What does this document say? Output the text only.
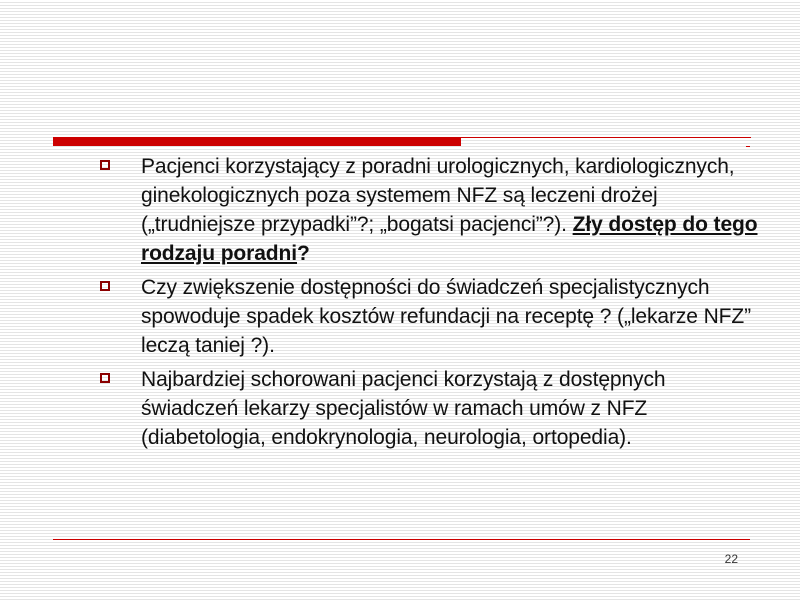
Pacjenci korzystający z poradni urologicznych, kardiologicznych, ginekologicznych poza systemem NFZ są leczeni drożej („trudniejsze przypadki”?; „bogatsi pacjenci”?). Zły dostęp do tego rodzaju poradni?
Czy zwiększenie dostępności do świadczeń specjalistycznych spowoduje spadek kosztów refundacji na receptę ? („lekarze NFZ” leczą taniej ?).
Najbardziej schorowani pacjenci korzystają z dostępnych świadczeń lekarzy specjalistów w ramach umów z NFZ (diabetologia, endokrynologia, neurologia, ortopedia).
22
